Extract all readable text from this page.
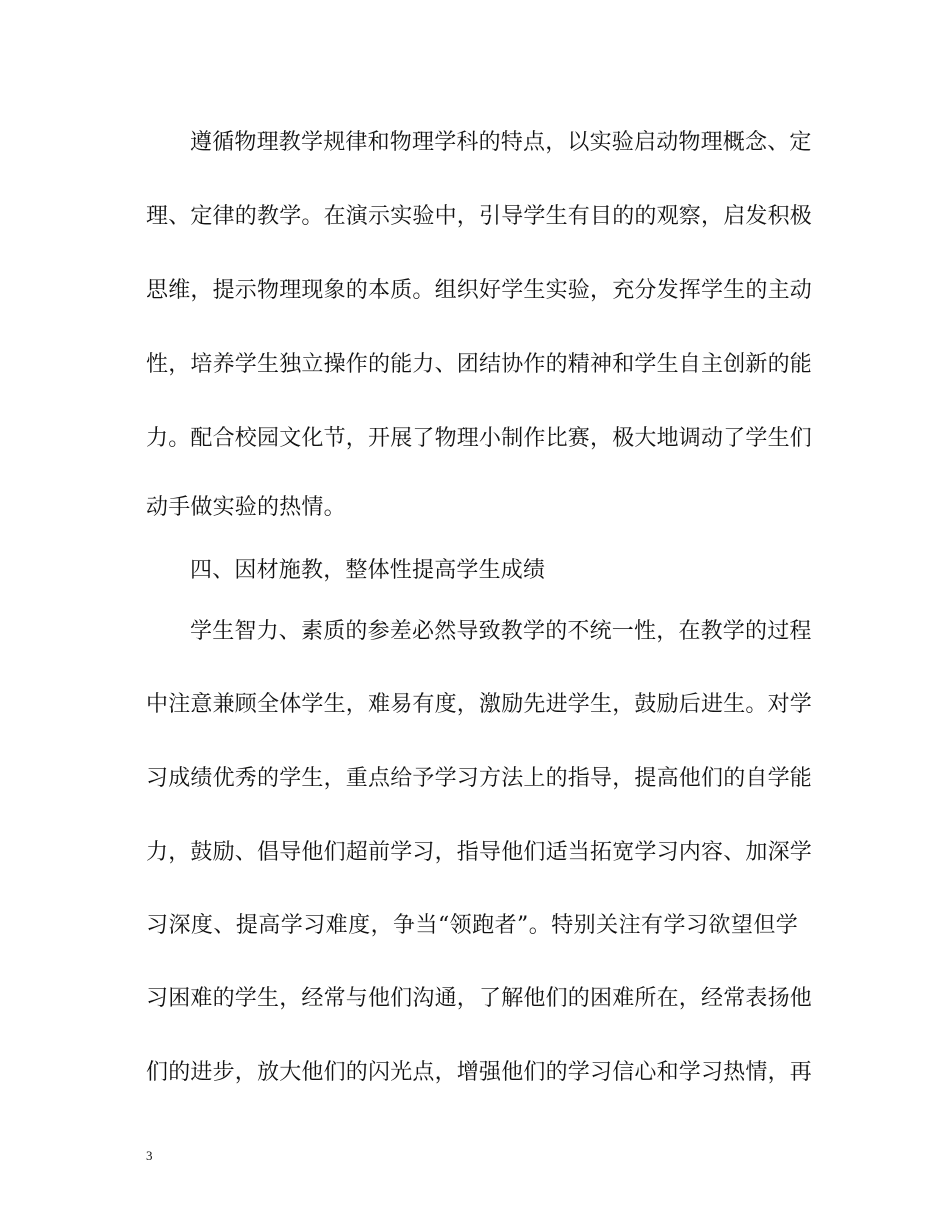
遵循物理教学规律和物理学科的特点，以实验启动物理概念、定
理、定律的教学。在演示实验中，引导学生有目的的观察，启发积极
思维，提示物理现象的本质。组织好学生实验，充分发挥学生的主动
性，培养学生独立操作的能力、团结协作的精神和学生自主创新的能
力。配合校园文化节，开展了物理小制作比赛，极大地调动了学生们
动手做实验的热情。
四、因材施教，整体性提高学生成绩
学生智力、素质的参差必然导致教学的不统一性，在教学的过程
中注意兼顾全体学生，难易有度，激励先进学生，鼓励后进生。对学
习成绩优秀的学生，重点给予学习方法上的指导，提高他们的自学能
力，鼓励、倡导他们超前学习，指导他们适当拓宽学习内容、加深学
习深度、提高学习难度，争当“领跑者”。特别关注有学习欲望但学
习困难的学生，经常与他们沟通，了解他们的困难所在，经常表扬他
们的进步，放大他们的闪光点，增强他们的学习信心和学习热情，再
3
